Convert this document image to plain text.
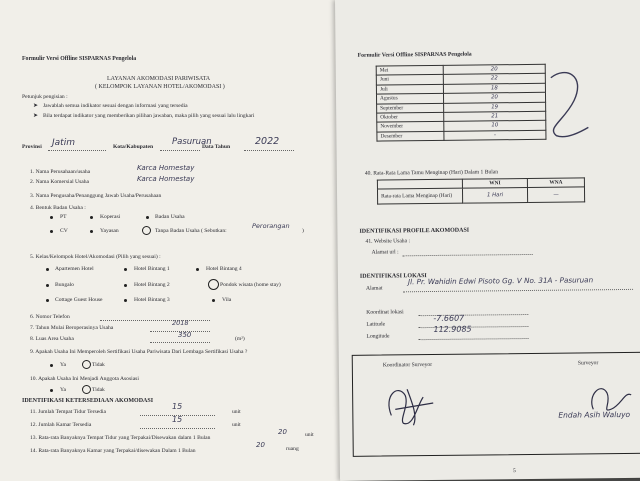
Formulir Versi Offline SISPARNAS Pengelola
LAYANAN AKOMODASI PARIWISATA
( KELOMPOK LAYANAN HOTEL/AKOMODASI )
Petunjuk pengisian :
➤ Jawablah semua indikator sesuai dengan informasi yang tersedia
➤ Bila terdapat indikator yang memberikan pilihan jawaban, maka pilih yang sesuai lalu lingkari
Provinsi Jatim	Kota/Kabupaten Pasuruan
Data Tahun	2022
1. Nama Perusahaan/usaha	Karca Homestay
2. Nama Komersial Usaha	Karca Homestay
3. Nama Pengusaha/Penanggung Jawab Usaha/Perusahaan
4. Bentuk Badan Usaha :
PT	Koperasi	Badan Usaha
CV	Yayasan	Tanpa Badan Usaha ( Sebutkan:
Perorangan
)
5. Kelas/Kelompok Hotel/Akomodasi (Pilih yang sesuai) :
Apartemen Hotel	Hotel Bintang 1	Hotel Bintang 4
Bungalo	Hotel Bintang 2	Pondok wisata (home stay)
Cottage Guest House	Hotel Bintang 3	Vila
6. Nomor Telefon
7. Tahun Mulai Beroperasinya Usaha
2018
8. Luas Area Usaha	350	(m²)
9. Apakah Usaha Ini Memperoleh Sertifikasi Usaha Pariwisata Dari Lembaga Sertifikasi Usaha ?
Ya	Tidak
10. Apakah Usaha Ini Menjadi Anggota Asosiasi
Ya	Tidak
IDENTIFIKASI KETERSEDIAAN AKOMODASI
11. Jumlah Tempat Tidur Tersedia
15
unit
12. Jumlah Kamar Tersedia
15
unit
13. Rata-rata Banyaknya Tempat Tidur yang Terpakai/Disewakan dalam 1 Bulan
20	unit
14. Rata-rata Banyaknya Kamar yang Terpakai/disewakan Dalam 1 Bulan
20	ruang
Formulir Versi Offline SISPARNAS Pengelola
Mei	20
Juni	22
Juli	18
Agustus	20
September	19
Oktober	21
November	10
Desember	-
40. Rata-Rata Lama Tamu Menginap (Hari) Dalam 1 Bulan
	WNI	WNA
Rata-rata Lama Menginap (Hari)	1 Hari	—
IDENTIFIKASI PROFILE AKOMODASI
41. Website Usaha :
Alamat url :
IDENTIFIKASI LOKASI
Alamat
Jl. Pr. Wahidin Edwi Pisoto Gg. V No. 31A - Pasuruan
Koordinat lokasi
Latitude
-7.6607
Longitude
112.9085
Koordinator Surveyor	Surveyor
Endah Asih Waluyo
5
